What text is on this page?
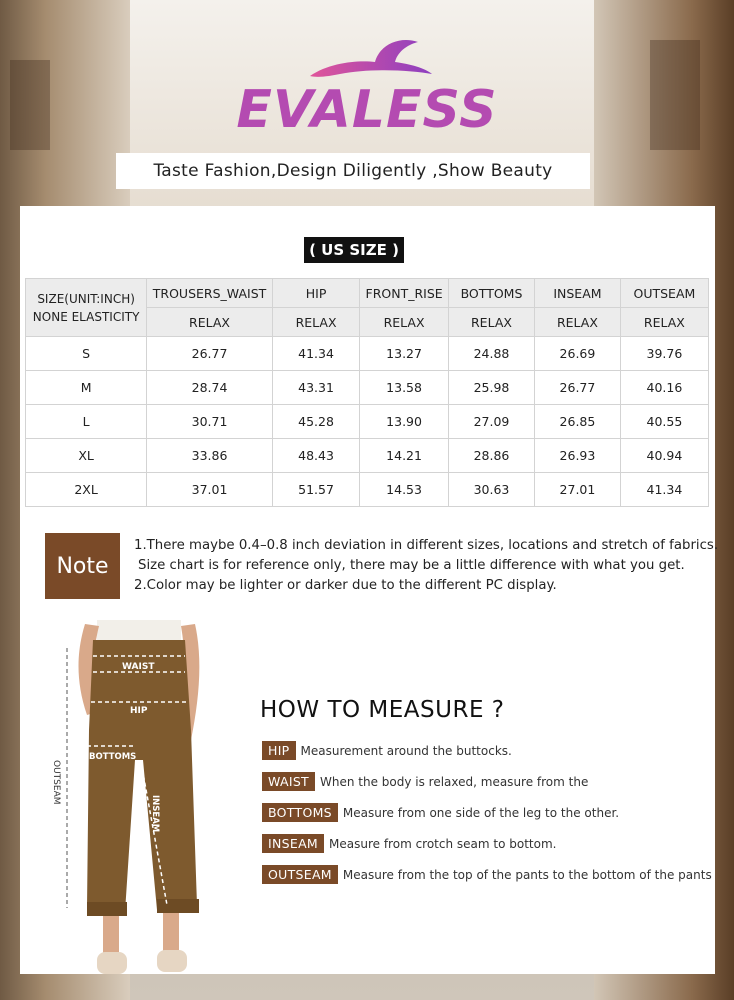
EVALESS
Taste Fashion,Design Diligently ,Show Beauty
( US SIZE )
SIZE(UNIT:INCH)
NONE ELASTICITY	TROUSERS_WAIST	HIP	FRONT_RISE	BOTTOMS	INSEAM	OUTSEAM
	RELAX	RELAX	RELAX	RELAX	RELAX	RELAX
S	26.77	41.34	13.27	24.88	26.69	39.76
M	28.74	43.31	13.58	25.98	26.77	40.16
L	30.71	45.28	13.90	27.09	26.85	40.55
XL	33.86	48.43	14.21	28.86	26.93	40.94
2XL	37.01	51.57	14.53	30.63	27.01	41.34
Note
1.There maybe 0.4–0.8 inch deviation in different sizes, locations and stretch of fabrics.
Size chart is for reference only, there may be a little difference with what you get.
2.Color may be lighter or darker due to the different PC display.
WAIST
HIP
BOTTOMS
INSEAM
OUTSEAM
HOW TO MEASURE ?
HIP Measurement around the buttocks.
WAIST When the body is relaxed, measure from the
BOTTOMS Measure from one side of the leg to the other.
INSEAM Measure from crotch seam to bottom.
OUTSEAM Measure from the top of the pants to the bottom of the pants
